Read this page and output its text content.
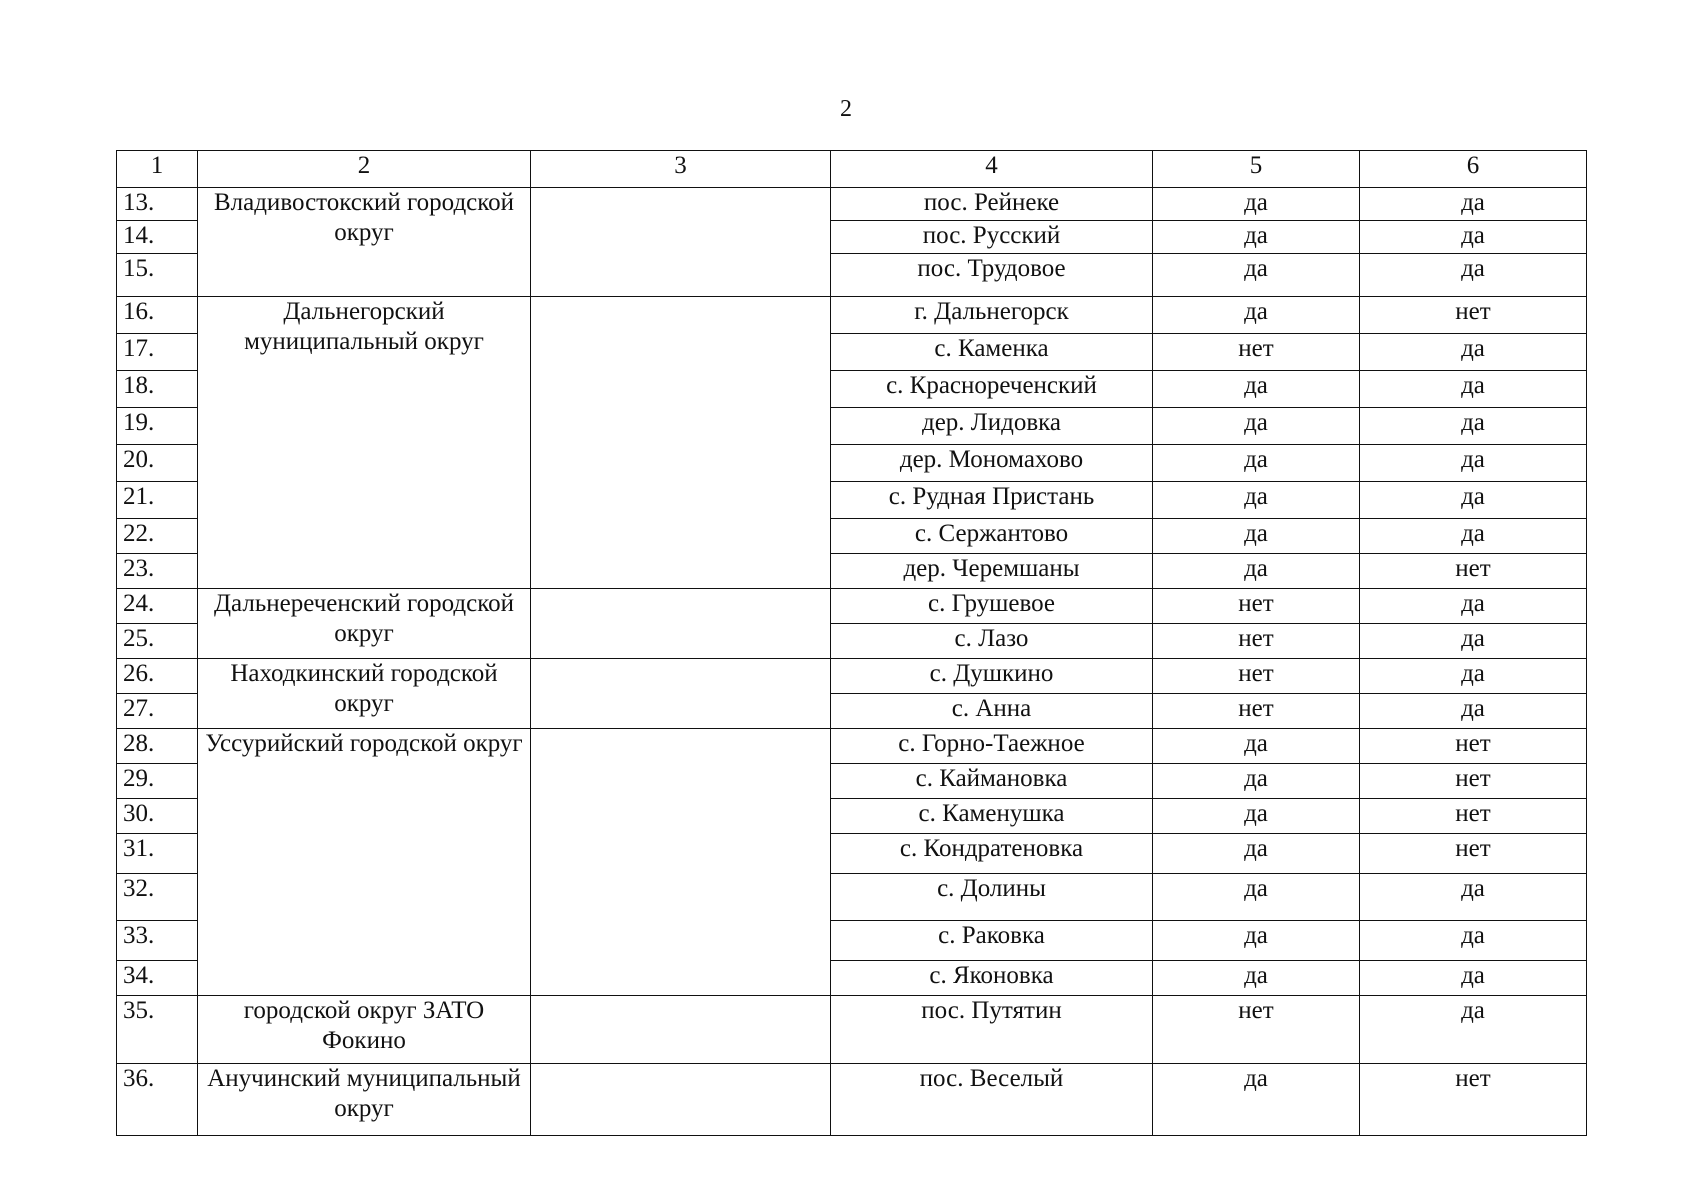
2
1	2	3	4	5	6
13.	Владивостокский городской округ		пос. Рейнеке	да	да
14.			пос. Русский	да	да
15.			пос. Трудовое	да	да
16.	Дальнегорский муниципальный округ		г. Дальнегорск	да	нет
17.			с. Каменка	нет	да
18.			с. Краснореченский	да	да
19.			дер. Лидовка	да	да
20.			дер. Мономахово	да	да
21.			с. Рудная Пристань	да	да
22.			с. Сержантово	да	да
23.			дер. Черемшаны	да	нет
24.	Дальнереченский городской округ		с. Грушевое	нет	да
25.			с. Лазо	нет	да
26.	Находкинский городской округ		с. Душкино	нет	да
27.			с. Анна	нет	да
28.	Уссурийский городской округ		с. Горно-Таежное	да	нет
29.			с. Каймановка	да	нет
30.			с. Каменушка	да	нет
31.			с. Кондратеновка	да	нет
32.			с. Долины	да	да
33.			с. Раковка	да	да
34.			с. Яконовка	да	да
35.	городской округ ЗАТО Фокино		пос. Путятин	нет	да
36.	Анучинский муниципальный округ		пос. Веселый	да	нет
